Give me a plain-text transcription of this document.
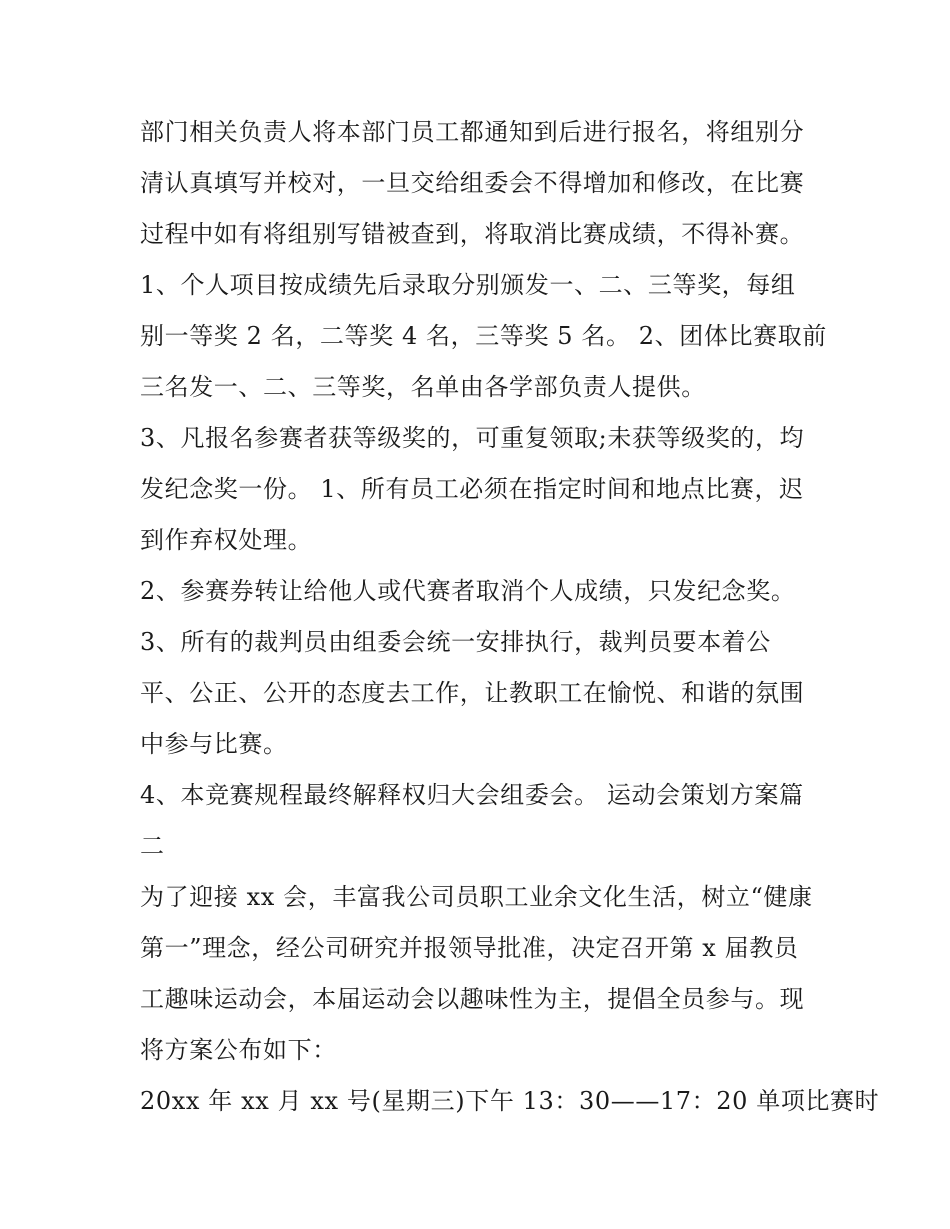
部门相关负责人将本部门员工都通知到后进行报名，将组别分
清认真填写并校对，一旦交给组委会不得增加和修改，在比赛
过程中如有将组别写错被查到，将取消比赛成绩，不得补赛。
1、个人项目按成绩先后录取分别颁发一、二、三等奖，每组
别一等奖 2 名，二等奖 4 名，三等奖 5 名。 2、团体比赛取前
三名发一、二、三等奖，名单由各学部负责人提供。
3、凡报名参赛者获等级奖的，可重复领取;未获等级奖的，均
发纪念奖一份。 1、所有员工必须在指定时间和地点比赛，迟
到作弃权处理。
2、参赛券转让给他人或代赛者取消个人成绩，只发纪念奖。
3、所有的裁判员由组委会统一安排执行，裁判员要本着公
平、公正、公开的态度去工作，让教职工在愉悦、和谐的氛围
中参与比赛。
4、本竞赛规程最终解释权归大会组委会。 运动会策划方案篇
二
为了迎接 xx 会，丰富我公司员职工业余文化生活，树立“健康
第一”理念，经公司研究并报领导批准，决定召开第 x 届教员
工趣味运动会，本届运动会以趣味性为主，提倡全员参与。现
将方案公布如下：
20xx 年 xx 月 xx 号(星期三)下午 13：30——17：20 单项比赛时
